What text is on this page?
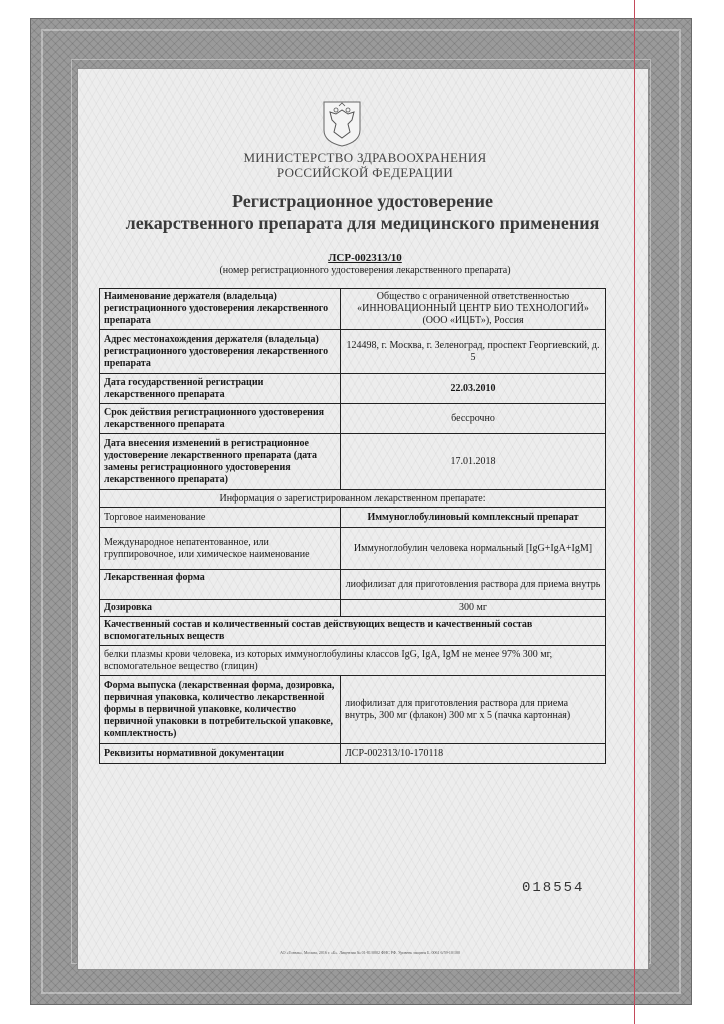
МИНИСТЕРСТВО ЗДРАВООХРАНЕНИЯ
РОССИЙСКОЙ ФЕДЕРАЦИИ
Регистрационное удостоверение
лекарственного препарата для медицинского применения
ЛСР-002313/10
(номер регистрационного удостоверения лекарственного препарата)
Наименование держателя (владельца) регистрационного удостоверения лекарственного препарата	Общество с ограниченной ответственностью «ИННОВАЦИОННЫЙ ЦЕНТР БИО ТЕХНОЛОГИЙ» (ООО «ИЦБТ»), Россия
Адрес местонахождения держателя (владельца) регистрационного удостоверения лекарственного препарата	124498, г. Москва, г. Зеленоград, проспект Георгиевский, д. 5
Дата государственной регистрации лекарственного препарата	22.03.2010
Срок действия регистрационного удостоверения лекарственного препарата	бессрочно
Дата внесения изменений в регистрационное удостоверение лекарственного препарата (дата замены регистрационного удостоверения лекарственного препарата)	17.01.2018
Информация о зарегистрированном лекарственном препарате:	
Торговое наименование	Иммуноглобулиновый комплексный препарат
Международное непатентованное, или группировочное, или химическое наименование	Иммуноглобулин человека нормальный [IgG+IgA+IgM]
Лекарственная форма	лиофилизат для приготовления раствора для приема внутрь
Дозировка	300 мг
Качественный состав и количественный состав действующих веществ и качественный состав вспомогательных веществ	
белки плазмы крови человека, из которых иммуноглобулины классов IgG, IgA, IgM не менее 97% 300 мг, вспомогательное вещество (глицин)	
Форма выпуска (лекарственная форма, дозировка, первичная упаковка, количество лекарственной формы в первичной упаковке, количество первичной упаковки в потребительской упаковке, комплектность)	лиофилизат для приготовления раствора для приема внутрь, 300 мг (флакон) 300 мг х 5 (пачка картонная)
Реквизиты нормативной документации	ЛСР-002313/10-170118
018554
АО «Гознак», Москва, 2016 г. «Б». Лицензия № 01-81/0002 ФНС РФ. Уровень защиты Б. 0061 6/59-10/100
